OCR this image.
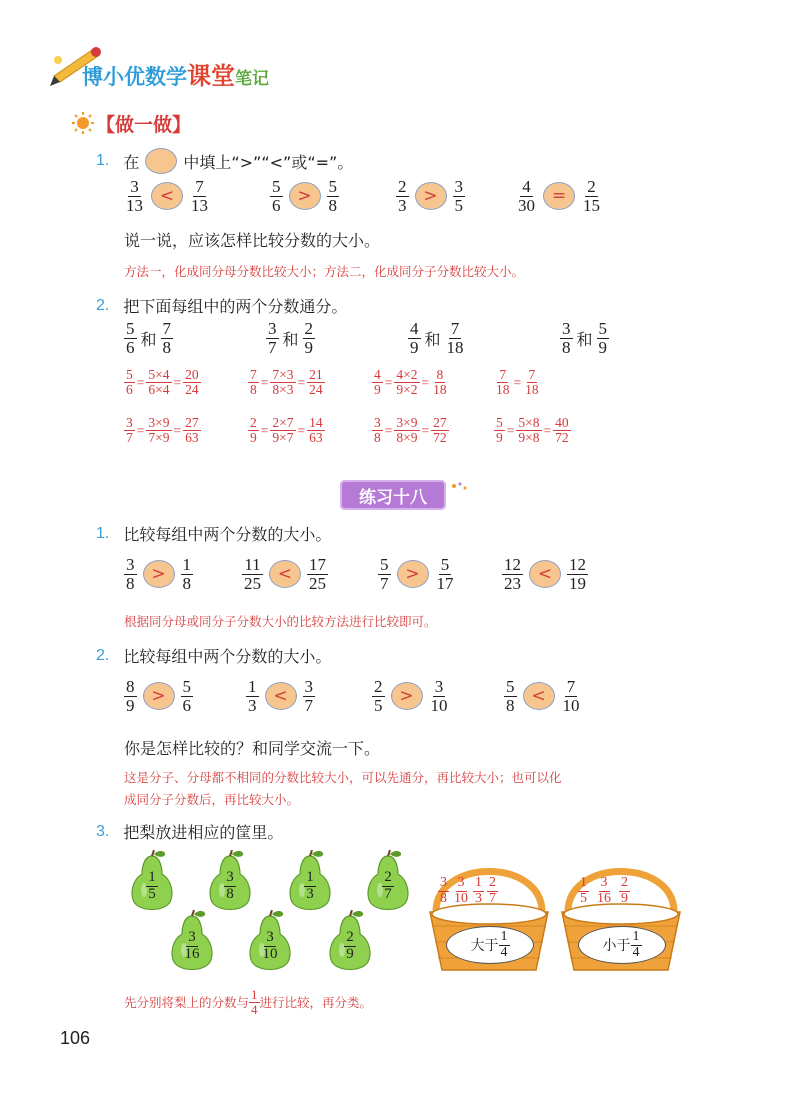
博小优数学课堂笔记
【做一做】
1. 在	中填上“>”“<”或“=”。
$\frac{3}{13} < \frac{7}{13}$	$\frac{5}{6} > \frac{5}{8}$	$\frac{2}{3} > \frac{3}{5}$	$\frac{4}{30} = \frac{2}{15}$
说一说，应该怎样比较分数的大小。
方法一，化成同分母分数比较大小；方法二，化成同分子分数比较大小。
2. 把下面每组中的两个分数通分。
$\frac{5}{6}$ 和 $\frac{7}{8}$	$\frac{3}{7}$ 和 $\frac{2}{9}$	$\frac{4}{9}$ 和 $\frac{7}{18}$	$\frac{3}{8}$ 和 $\frac{5}{9}$
$\frac{5}{6} = \frac{5\times 4}{6\times 4} = \frac{20}{24}$	$\frac{7}{8} = \frac{7\times 3}{8\times 3} = \frac{21}{24}$	$\frac{4}{9} = \frac{4\times 2}{9\times 2} = \frac{8}{18}$	$\frac{7}{18} = \frac{7}{18}$
$\frac{3}{7} = \frac{3\times 9}{7\times 9} = \frac{27}{63}$	$\frac{2}{9} = \frac{2\times 7}{9\times 7} = \frac{14}{63}$	$\frac{3}{8} = \frac{3\times 9}{8\times 9} = \frac{27}{72}$	$\frac{5}{9} = \frac{5\times 8}{9\times 8} = \frac{40}{72}$
练习十八
1. 比较每组中两个分数的大小。
$\frac{3}{8} > \frac{1}{8}$	$\frac{11}{25} < \frac{17}{25}$	$\frac{5}{7} > \frac{5}{17}$	$\frac{12}{23} < \frac{12}{19}$
根据同分母或同分子分数大小的比较方法进行比较即可。
2. 比较每组中两个分数的大小。
$\frac{8}{9} > \frac{5}{6}$	$\frac{1}{3} < \frac{3}{7}$	$\frac{2}{5} > \frac{3}{10}$	$\frac{5}{8} < \frac{7}{10}$
你是怎样比较的？和同学交流一下。
这是分子、分母都不相同的分数比较大小，可以先通分，再比较大小；也可以化
成同分子分数后，再比较大小。
3. 把梨放进相应的筐里。
$\frac{1}{5}$	$\frac{3}{8}$	$\frac{1}{3}$	$\frac{2}{7}$
$\frac{3}{16}$	$\frac{3}{10}$	$\frac{2}{9}$
$\frac{3}{8} \frac{3}{10} \frac{1}{3} \frac{2}{7}$
大于 $\frac{1}{4}$
$\frac{1}{5} \frac{3}{16} \frac{2}{9}$
小于 $\frac{1}{4}$
先分别将梨上的分数与 $\frac{1}{4}$ 进行比较，再分类。
106
